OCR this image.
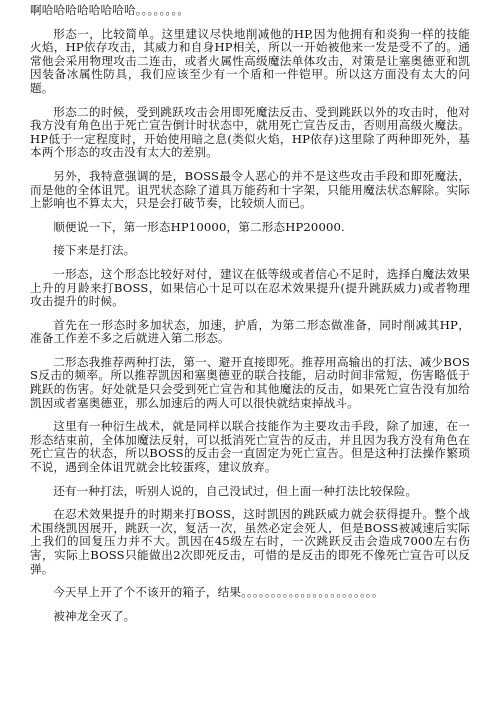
啊哈哈哈哈哈哈哈哈。。。。。。。。

形态一，比较简单。这里建议尽快地削减他的HP,因为他拥有和炎狗一样的技能火焰，HP依存攻击，其威力和自身HP相关，所以一开始被他来一发是受不了的。通常他会采用物理攻击二连击，或者火属性高级魔法单体攻击，对策是让塞奥德亚和凯因装备冰属性防具，我们应该至少有一个盾和一件铠甲。所以这方面没有太大的问题。

形态二的时候，受到跳跃攻击会用即死魔法反击、受到跳跃以外的攻击时，他对我方没有角色出于死亡宣告倒计时状态中，就用死亡宣告反击，否则用高级火魔法。HP低于一定程度时，开始使用暗之息(类似火焰，HP依存)这里除了两种即死外，基本两个形态的攻击没有太大的差别。

另外，我特意强调的是，BOSS最令人恶心的并不是这些攻击手段和即死魔法，而是他的全体诅咒。诅咒状态除了道具万能药和十字架，只能用魔法状态解除。实际上影响也不算太大，只是会打破节奏，比较烦人而已。

顺便说一下，第一形态HP10000，第二形态HP20000.

接下来是打法。

一形态，这个形态比较好对付，建议在低等级或者信心不足时，选择白魔法效果上升的月龄来打BOSS，如果信心十足可以在忍术效果提升(提升跳跃威力)或者物理攻击提升的时候。

首先在一形态时多加状态，加速，护盾，为第二形态做准备，同时削减其HP，准备工作差不多之后就进入第二形态。

二形态我推荐两种打法，第一、避开直接即死。推荐用高输出的打法、减少BOSS反击的频率。所以推荐凯因和塞奥德亚的联合技能，启动时间非常短，伤害略低于跳跃的伤害。好处就是只会受到死亡宣告和其他魔法的反击，如果死亡宣告没有加给凯因或者塞奥德亚，那么加速后的两人可以很快就结束掉战斗。

这里有一种衍生战术，就是同样以联合技能作为主要攻击手段，除了加速，在一形态结束前，全体加魔法反射，可以抵消死亡宣告的反击，并且因为我方没有角色在死亡宣告的状态，所以BOSS的反击会一直固定为死亡宣告。但是这种打法操作繁琐不说，遇到全体诅咒就会比较蛋疼，建议放弃。

还有一种打法，听别人说的，自己没试过，但上面一种打法比较保险。

在忍术效果提升的时期来打BOSS，这时凯因的跳跃威力就会获得提升。整个战术围绕凯因展开，跳跃一次，复活一次，虽然必定会死人，但是BOSS被减速后实际上我们的回复压力并不大。凯因在45级左右时，一次跳跃反击会造成7000左右伤害，实际上BOSS只能做出2次即死反击，可惜的是反击的即死不像死亡宣告可以反弹。

今天早上开了个不该开的箱子，结果。。。。。。。。。。。。。。。。。。。。。。。

被神龙全灭了。
